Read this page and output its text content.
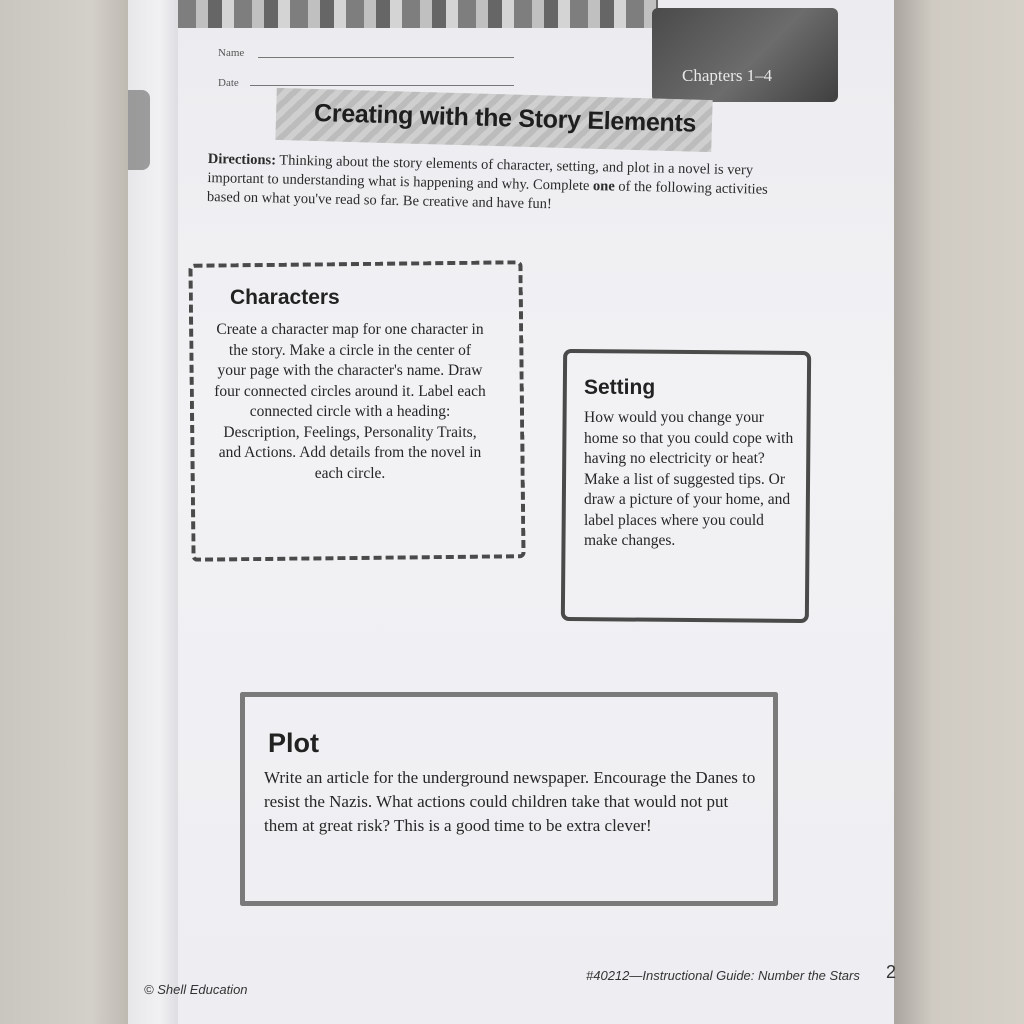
Chapters 1–4
Name
Date
Creating with the Story Elements
Directions: Thinking about the story elements of character, setting, and plot in a novel is very important to understanding what is happening and why. Complete one of the following activities based on what you've read so far. Be creative and have fun!
Characters
Create a character map for one character in the story. Make a circle in the center of your page with the character's name. Draw four connected circles around it. Label each connected circle with a heading: Description, Feelings, Personality Traits, and Actions. Add details from the novel in each circle.
Setting
How would you change your home so that you could cope with having no electricity or heat? Make a list of suggested tips. Or draw a picture of your home, and label places where you could make changes.
Plot
Write an article for the underground newspaper. Encourage the Danes to resist the Nazis. What actions could children take that would not put them at great risk? This is a good time to be extra clever!
© Shell Education
#40212—Instructional Guide: Number the Stars 2
